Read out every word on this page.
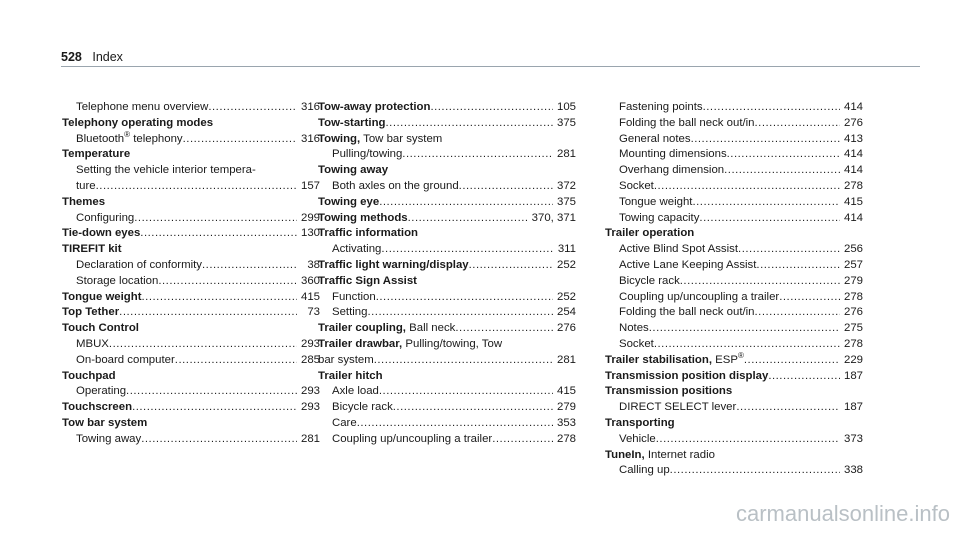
528 Index
Telephone menu overview .....	316
Telephony operating modes
Bluetooth® telephony .....	316
Temperature
Setting the vehicle interior tempera-
ture .....	157
Themes
Configuring .....	299
Tie-down eyes .....	130
TIREFIT kit
Declaration of conformity .....	38
Storage location .....	360
Tongue weight .....	415
Top Tether .....	73
Touch Control
MBUX .....	293
On-board computer .....	285
Touchpad
Operating .....	293
Touchscreen .....	293
Tow bar system
Towing away .....	281
Tow-away protection .....	105
Tow-starting .....	375
Towing, Tow bar system
Pulling/towing .....	281
Towing away
Both axles on the ground .....	372
Towing eye .....	375
Towing methods .....	370, 371
Traffic information
Activating .....	311
Traffic light warning/display .....	252
Traffic Sign Assist
Function .....	252
Setting .....	254
Trailer coupling, Ball neck .....	276
Trailer drawbar, Pulling/towing, Tow
bar system .....	281
Trailer hitch
Axle load .....	415
Bicycle rack .....	279
Care .....	353
Coupling up/uncoupling a trailer .....	278
Fastening points .....	414
Folding the ball neck out/in .....	276
General notes .....	413
Mounting dimensions .....	414
Overhang dimension .....	414
Socket .....	278
Tongue weight .....	415
Towing capacity .....	414
Trailer operation
Active Blind Spot Assist .....	256
Active Lane Keeping Assist .....	257
Bicycle rack .....	279
Coupling up/uncoupling a trailer .....	278
Folding the ball neck out/in .....	276
Notes .....	275
Socket .....	278
Trailer stabilisation, ESP® .....	229
Transmission position display .....	187
Transmission positions
DIRECT SELECT lever .....	187
Transporting
Vehicle .....	373
TuneIn, Internet radio
Calling up .....	338
carmanualsonline.info
